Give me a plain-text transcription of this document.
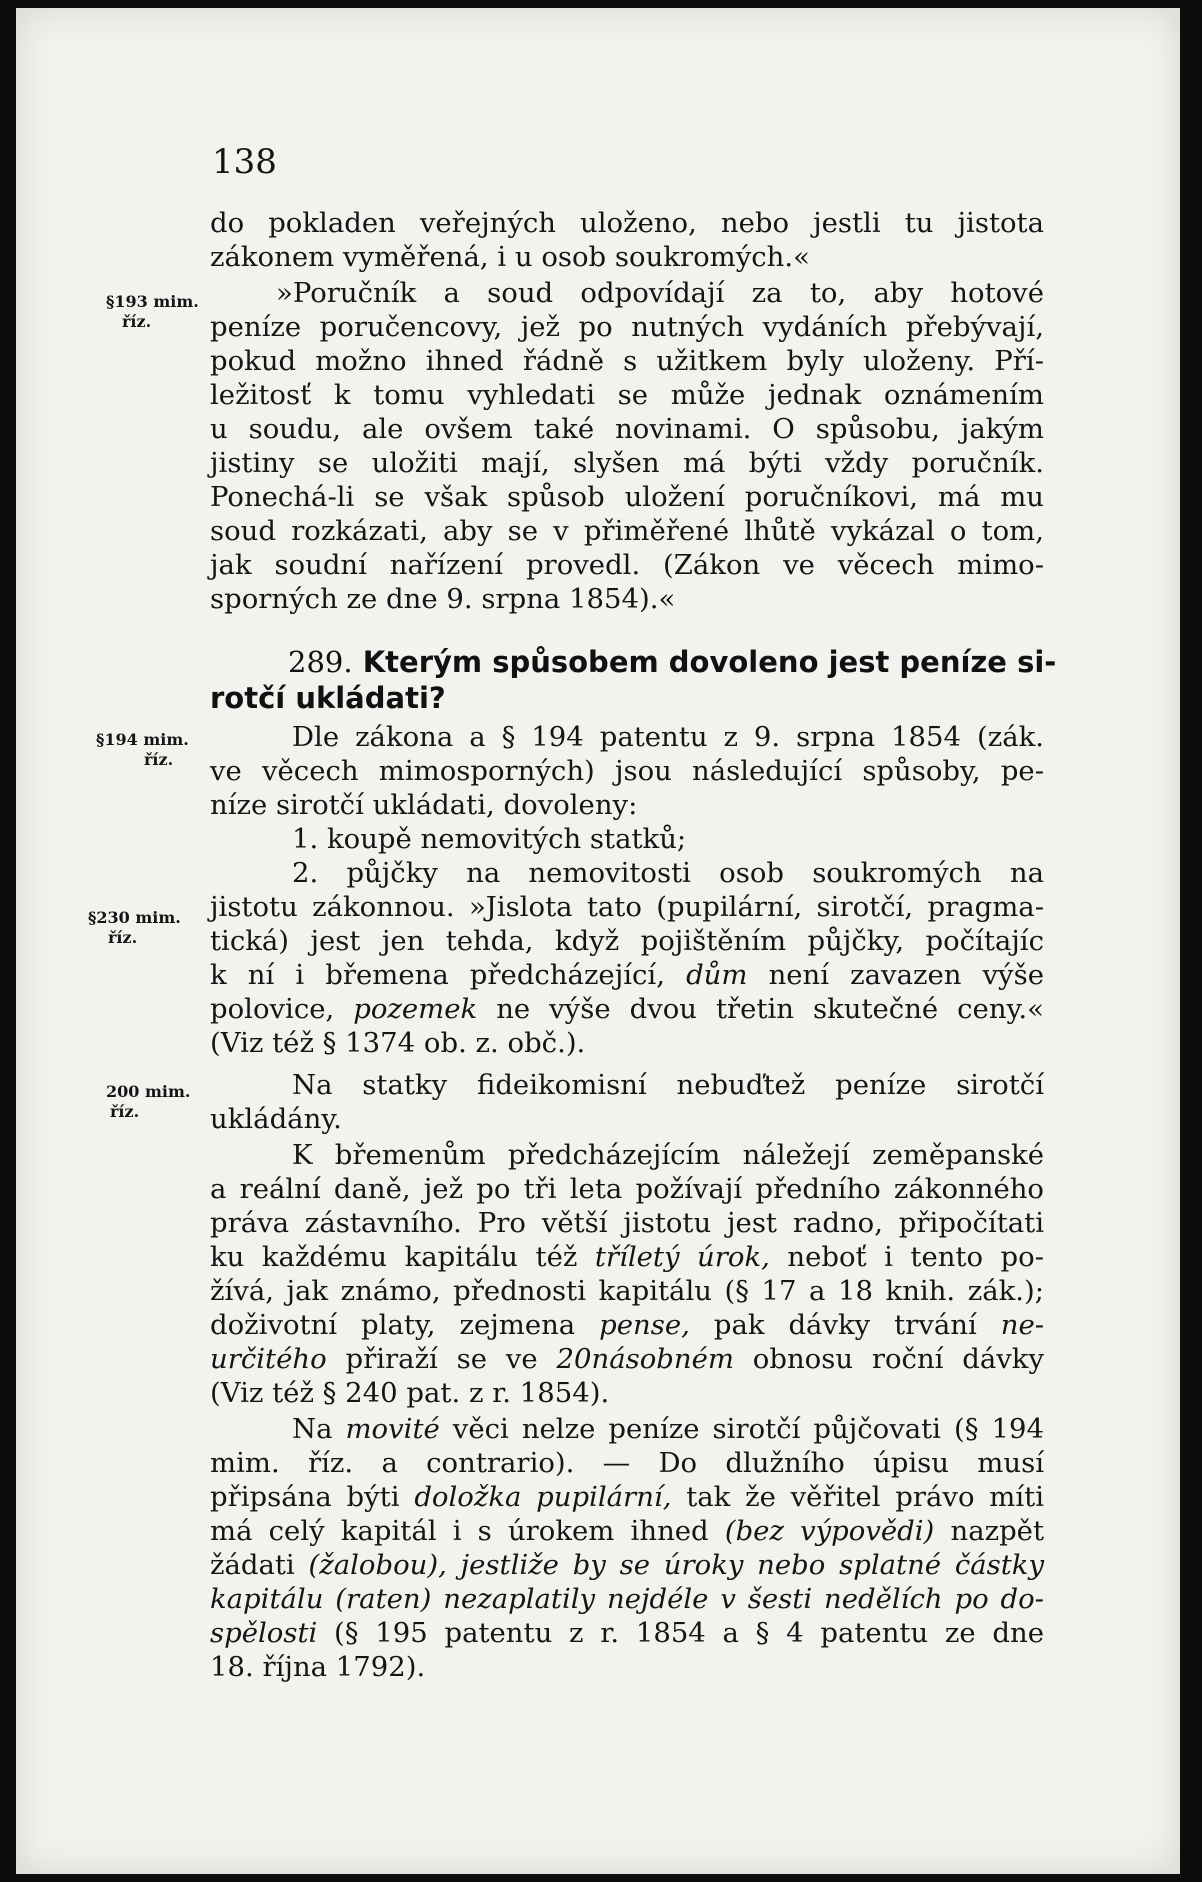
138
§193 mim.
říz.
§194 mim.
říz.
§230 mim.
říz.
200 mim.
říz.
do pokladen veřejných uloženo, nebo jestli tu jistota
zákonem vyměřená, i u osob soukromých.«
»Poručník a soud odpovídají za to, aby hotové
peníze poručencovy, jež po nutných vydáních přebývají,
pokud možno ihned řádně s užitkem byly uloženy. Pří-
ležitosť k tomu vyhledati se může jednak oznámením
u soudu, ale ovšem také novinami. O spůsobu, jakým
jistiny se uložiti mají, slyšen má býti vždy poručník.
Ponechá-li se však spůsob uložení poručníkovi, má mu
soud rozkázati, aby se v přiměřené lhůtě vykázal o tom,
jak soudní nařízení provedl. (Zákon ve věcech mimo-
sporných ze dne 9. srpna 1854).«
289. Kterým spůsobem dovoleno jest peníze si-
rotčí ukládati?
Dle zákona a § 194 patentu z 9. srpna 1854 (zák.
ve věcech mimosporných) jsou následující spůsoby, pe-
níze sirotčí ukládati, dovoleny:
1. koupě nemovitých statků;
2. půjčky na nemovitosti osob soukromých na
jistotu zákonnou. »Jislota tato (pupilární, sirotčí, pragma-
tická) jest jen tehda, když pojištěním půjčky, počítajíc
k ní i břemena předcházející, dům není zavazen výše
polovice, pozemek ne výše dvou třetin skutečné ceny.«
(Viz též § 1374 ob. z. obč.).
Na statky fideikomisní nebuďtež peníze sirotčí
ukládány.
K břemenům předcházejícím náležejí zeměpanské
a reální daně, jež po tři leta požívají předního zákonného
práva zástavního. Pro větší jistotu jest radno, připočítati
ku každému kapitálu též tříletý úrok, neboť i tento po-
žívá, jak známo, přednosti kapitálu (§ 17 a 18 knih. zák.);
doživotní platy, zejmena pense, pak dávky trvání ne-
určitého přiraží se ve 20násobném obnosu roční dávky
(Viz též § 240 pat. z r. 1854).
Na movité věci nelze peníze sirotčí půjčovati (§ 194
mim. říz. a contrario). — Do dlužního úpisu musí
připsána býti doložka pupilární, tak že věřitel právo míti
má celý kapitál i s úrokem ihned (bez výpovědi) nazpět
žádati (žalobou), jestliže by se úroky nebo splatné částky
kapitálu (raten) nezaplatily nejdéle v šesti nedělích po do-
spělosti (§ 195 patentu z r. 1854 a § 4 patentu ze dne
18. října 1792).
